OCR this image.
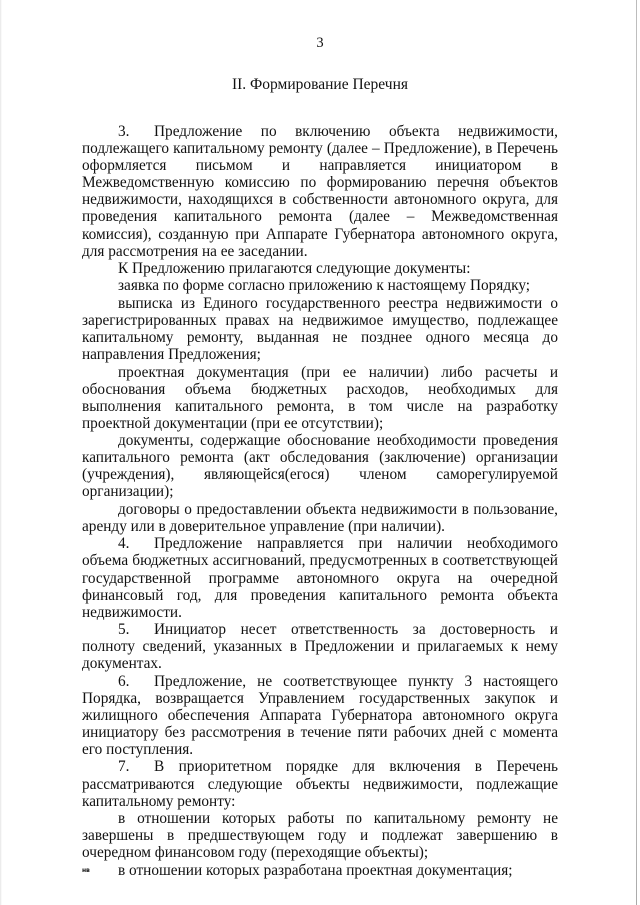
3
II. Формирование Перечня

3. Предложение по включению объекта недвижимости, подлежащего капитальному ремонту (далее – Предложение), в Перечень оформляется письмом и направляется инициатором в Межведомственную комиссию по формированию перечня объектов недвижимости, находящихся в собственности автономного округа, для проведения капитального ремонта (далее – Межведомственная комиссия), созданную при Аппарате Губернатора автономного округа, для рассмотрения на ее заседании.

К Предложению прилагаются следующие документы:

заявка по форме согласно приложению к настоящему Порядку;

выписка из Единого государственного реестра недвижимости о зарегистрированных правах на недвижимое имущество, подлежащее капитальному ремонту, выданная не позднее одного месяца до направления Предложения;

проектная документация (при ее наличии) либо расчеты и обоснования объема бюджетных расходов, необходимых для выполнения капитального ремонта, в том числе на разработку проектной документации (при ее отсутствии);

документы, содержащие обоснование необходимости проведения капитального ремонта (акт обследования (заключение) организации (учреждения), являющейся(егося) членом саморегулируемой организации);

договоры о предоставлении объекта недвижимости в пользование, аренду или в доверительное управление (при наличии).

4. Предложение направляется при наличии необходимого объема бюджетных ассигнований, предусмотренных в соответствующей государственной программе автономного округа на очередной финансовый год, для проведения капитального ремонта объекта недвижимости.

5. Инициатор несет ответственность за достоверность и полноту сведений, указанных в Предложении и прилагаемых к нему документах.

6. Предложение, не соответствующее пункту 3 настоящего Порядка, возвращается Управлением государственных закупок и жилищного обеспечения Аппарата Губернатора автономного округа инициатору без рассмотрения в течение пяти рабочих дней с момента его поступления.

7. В приоритетном порядке для включения в Перечень рассматриваются следующие объекты недвижимости, подлежащие капитальному ремонту:

в отношении которых работы по капитальному ремонту не завершены в предшествующем году и подлежат завершению в очередном финансовом году (переходящие объекты);

в отношении которых разработана проектная документация;

нв
